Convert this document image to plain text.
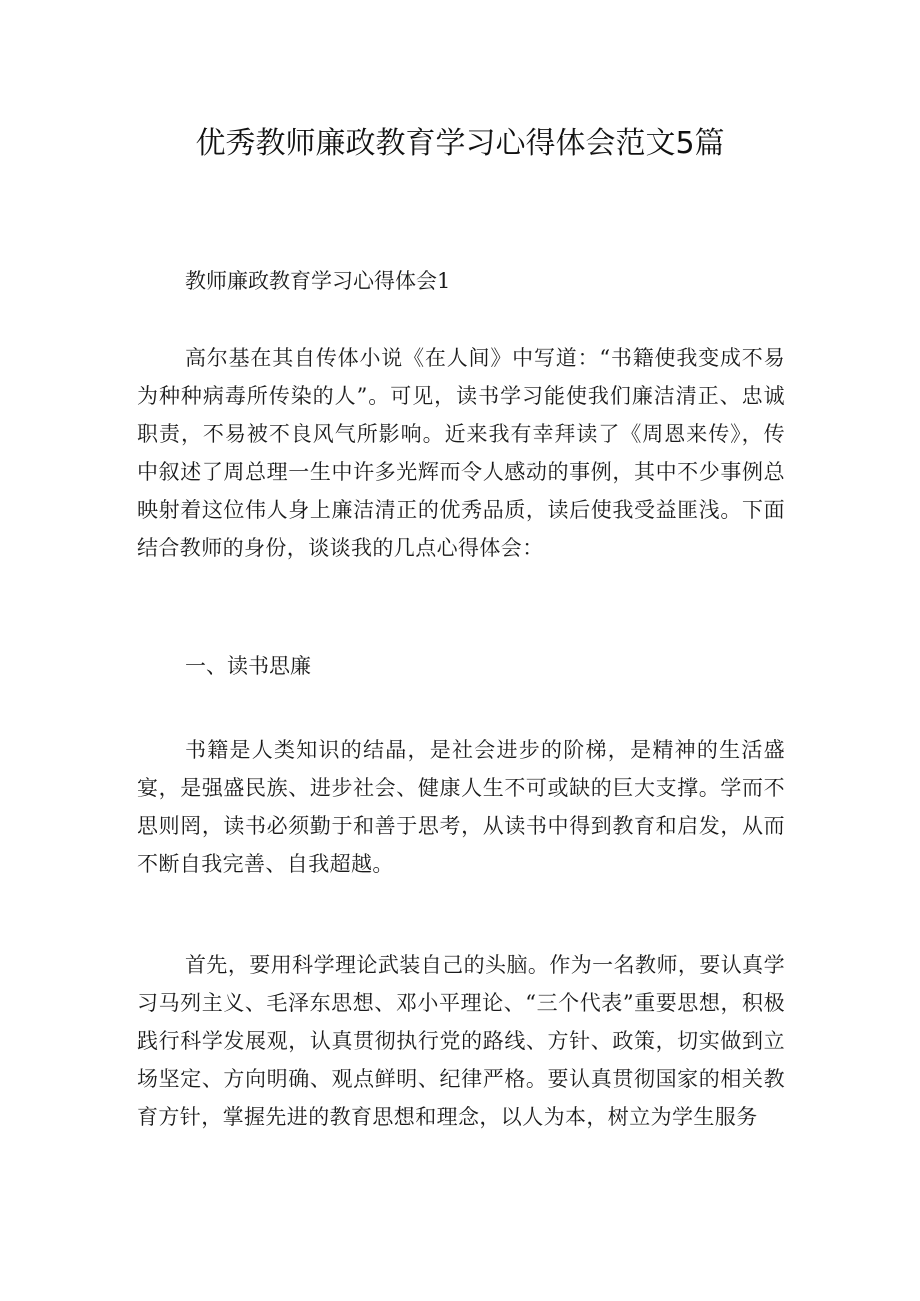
优秀教师廉政教育学习心得体会范文5篇

教师廉政教育学习心得体会1

高尔基在其自传体小说《在人间》中写道：“书籍使我变成不易为种种病毒所传染的人”。可见，读书学习能使我们廉洁清正、忠诚职责，不易被不良风气所影响。近来我有幸拜读了《周恩来传》，传中叙述了周总理一生中许多光辉而令人感动的事例，其中不少事例总映射着这位伟人身上廉洁清正的优秀品质，读后使我受益匪浅。下面结合教师的身份，谈谈我的几点心得体会：

一、读书思廉

书籍是人类知识的结晶，是社会进步的阶梯，是精神的生活盛宴，是强盛民族、进步社会、健康人生不可或缺的巨大支撑。学而不思则罔，读书必须勤于和善于思考，从读书中得到教育和启发，从而不断自我完善、自我超越。

首先，要用科学理论武装自己的头脑。作为一名教师，要认真学习马列主义、毛泽东思想、邓小平理论、“三个代表”重要思想，积极践行科学发展观，认真贯彻执行党的路线、方针、政策，切实做到立场坚定、方向明确、观点鲜明、纪律严格。要认真贯彻国家的相关教育方针，掌握先进的教育思想和理念，以人为本，树立为学生服务
